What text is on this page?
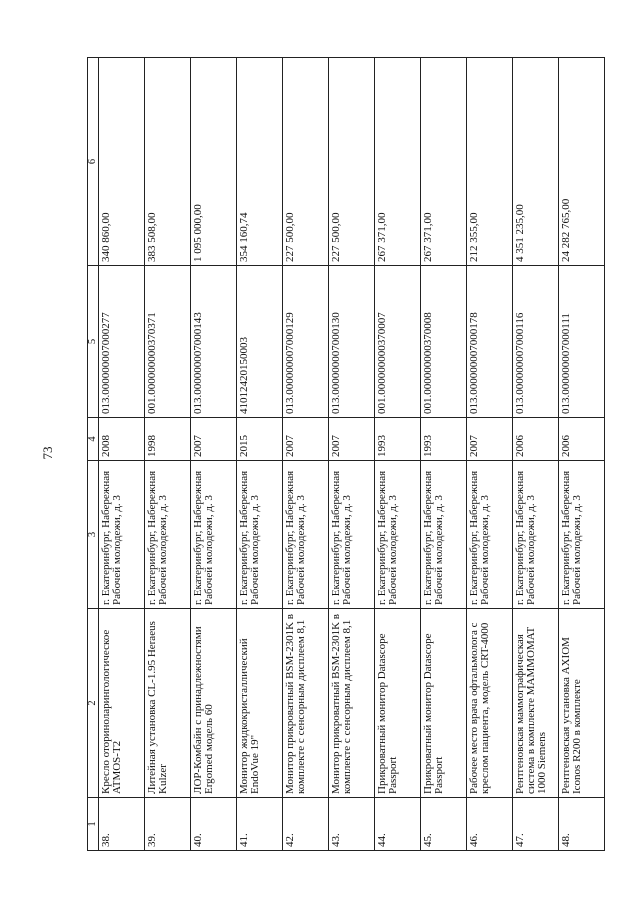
73
1	2	3	4	5	6
38.	Кресло оториноларингологическое ATMOS-T2	г. Екатеринбург, Набережная Рабочей молодежи, д. 3	2008	013.000000007000277	340 860,00
39.	Литейная установка CL-1.95 Heraeus Kulzer	г. Екатеринбург, Набережная Рабочей молодежи, д. 3	1998	001.000000000370371	383 508,00
40.	ЛОР-Комбайн с принадлежностями Ergomed модель 60	г. Екатеринбург, Набережная Рабочей молодежи, д. 3	2007	013.000000007000143	1 095 000,00
41.	Монитор жидкокристаллический EndoVue 19"	г. Екатеринбург, Набережная Рабочей молодежи, д. 3	2015	41012420150003	354 160,74
42.	Монитор прикроватный BSM-2301K в комплекте с сенсорным дисплеем 8,1	г. Екатеринбург, Набережная Рабочей молодежи, д. 3	2007	013.000000007000129	227 500,00
43.	Монитор прикроватный BSM-2301K в комплекте с сенсорным дисплеем 8,1	г. Екатеринбург, Набережная Рабочей молодежи, д. 3	2007	013.000000007000130	227 500,00
44.	Прикроватный монитор Datascope Passport	г. Екатеринбург, Набережная Рабочей молодежи, д. 3	1993	001.000000000370007	267 371,00
45.	Прикроватный монитор Datascope Passport	г. Екатеринбург, Набережная Рабочей молодежи, д. 3	1993	001.000000000370008	267 371,00
46.	Рабочее место врача офтальмолога с креслом пациента, модель CRT-4000	г. Екатеринбург, Набережная Рабочей молодежи, д. 3	2007	013.000000007000178	212 355,00
47.	Рентгеновская маммографическая система в комплекте MAMMOMAT 1000 Siemens	г. Екатеринбург, Набережная Рабочей молодежи, д. 3	2006	013.000000007000116	4 351 235,00
48.	Рентгеновская установка AXIOM Iconos R200 в комплекте	г. Екатеринбург, Набережная Рабочей молодежи, д. 3	2006	013.000000007000111	24 282 765,00
